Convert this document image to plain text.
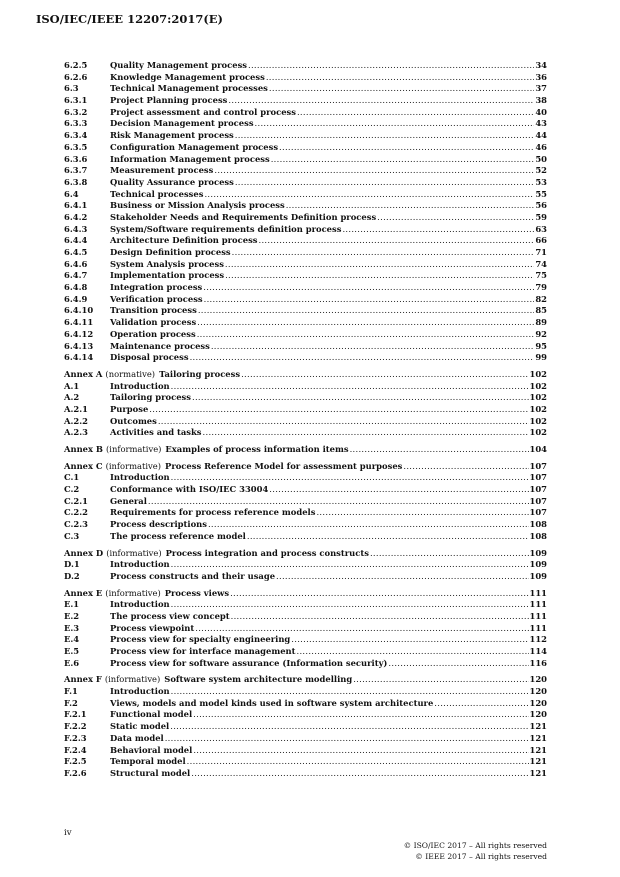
ISO/IEC/IEEE 12207:2017(E)
6.2.5	Quality Management process .....	34
6.2.6	Knowledge Management process .....	36
6.3	Technical Management processes .....	37
6.3.1	Project Planning process .....	38
6.3.2	Project assessment and control process .....	40
6.3.3	Decision Management process .....	43
6.3.4	Risk Management process .....	44
6.3.5	Configuration Management process .....	46
6.3.6	Information Management process .....	50
6.3.7	Measurement process .....	52
6.3.8	Quality Assurance process .....	53
6.4	Technical processes .....	55
6.4.1	Business or Mission Analysis process .....	56
6.4.2	Stakeholder Needs and Requirements Definition process .....	59
6.4.3	System/Software requirements definition process .....	63
6.4.4	Architecture Definition process .....	66
6.4.5	Design Definition process .....	71
6.4.6	System Analysis process .....	74
6.4.7	Implementation process .....	75
6.4.8	Integration process .....	79
6.4.9	Verification process .....	82
6.4.10	Transition process .....	85
6.4.11	Validation process .....	89
6.4.12	Operation process .....	92
6.4.13	Maintenance process .....	95
6.4.14	Disposal process .....	99
Annex A (normative) Tailoring process .....	102
A.1	Introduction .....	102
A.2	Tailoring process .....	102
A.2.1	Purpose .....	102
A.2.2	Outcomes .....	102
A.2.3	Activities and tasks .....	102
Annex B (informative) Examples of process information items .....	104
Annex C (informative) Process Reference Model for assessment purposes .....	107
C.1	Introduction .....	107
C.2	Conformance with ISO/IEC 33004 .....	107
C.2.1	General .....	107
C.2.2	Requirements for process reference models .....	107
C.2.3	Process descriptions .....	108
C.3	The process reference model .....	108
Annex D (informative) Process integration and process constructs .....	109
D.1	Introduction .....	109
D.2	Process constructs and their usage .....	109
Annex E (informative) Process views .....	111
E.1	Introduction .....	111
E.2	The process view concept .....	111
E.3	Process viewpoint .....	111
E.4	Process view for specialty engineering .....	112
E.5	Process view for interface management .....	114
E.6	Process view for software assurance (Information security) .....	116
Annex F (informative) Software system architecture modelling .....	120
F.1	Introduction .....	120
F.2	Views, models and model kinds used in software system architecture .....	120
F.2.1	Functional model .....	120
F.2.2	Static model .....	121
F.2.3	Data model .....	121
F.2.4	Behavioral model .....	121
F.2.5	Temporal model .....	121
F.2.6	Structural model .....	121
iv
© ISO/IEC 2017 – All rights reserved
© IEEE 2017 – All rights reserved
